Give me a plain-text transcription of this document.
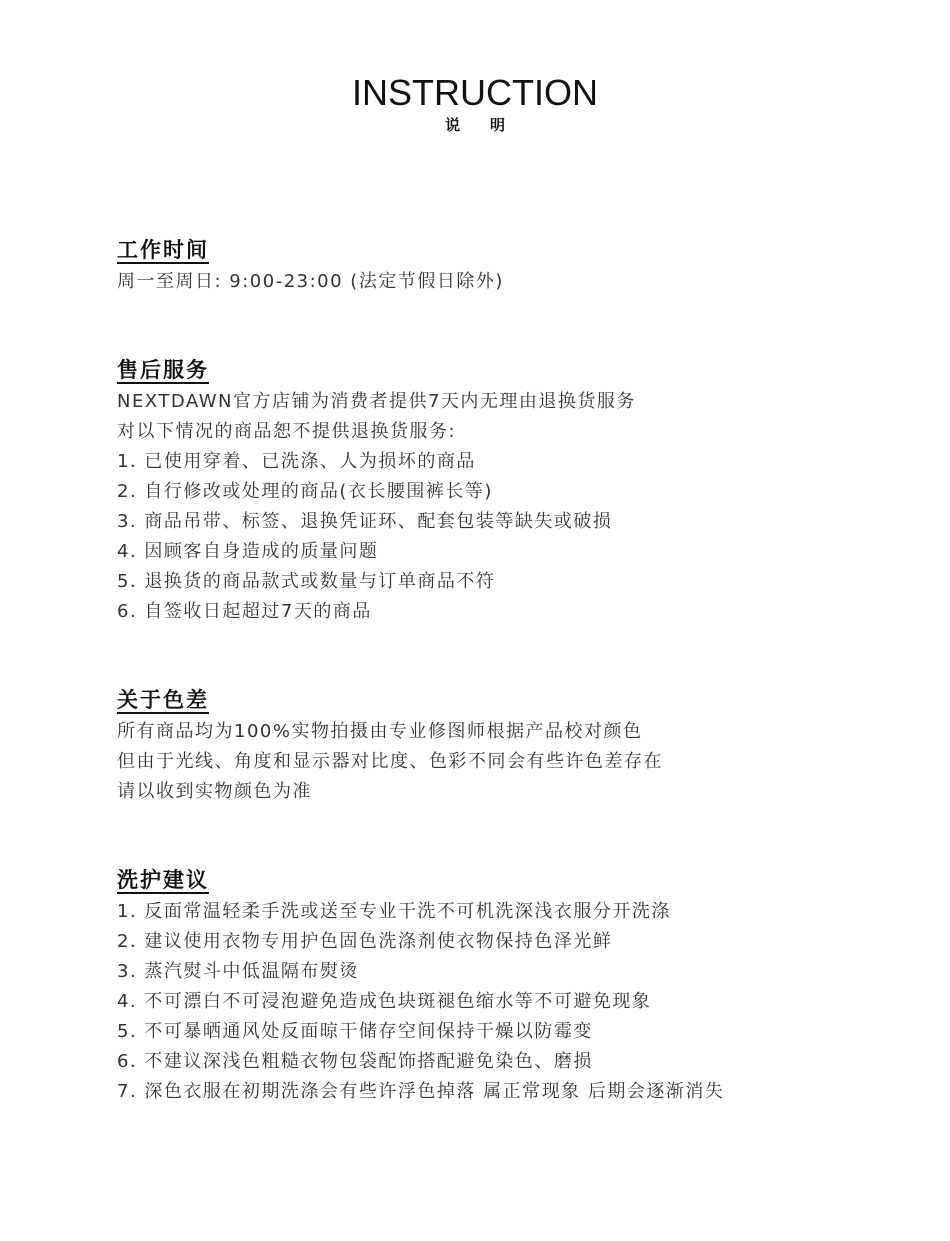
INSTRUCTION
说明
工作时间
周一至周日: 9:00-23:00 (法定节假日除外)
售后服务
NEXTDAWN官方店铺为消费者提供7天内无理由退换货服务
对以下情况的商品恕不提供退换货服务:
1. 已使用穿着、已洗涤、人为损坏的商品
2. 自行修改或处理的商品(衣长腰围裤长等)
3. 商品吊带、标签、退换凭证环、配套包装等缺失或破损
4. 因顾客自身造成的质量问题
5. 退换货的商品款式或数量与订单商品不符
6. 自签收日起超过7天的商品
关于色差
所有商品均为100%实物拍摄由专业修图师根据产品校对颜色
但由于光线、角度和显示器对比度、色彩不同会有些许色差存在
请以收到实物颜色为准
洗护建议
1. 反面常温轻柔手洗或送至专业干洗不可机洗深浅衣服分开洗涤
2. 建议使用衣物专用护色固色洗涤剂使衣物保持色泽光鲜
3. 蒸汽熨斗中低温隔布熨烫
4. 不可漂白不可浸泡避免造成色块斑褪色缩水等不可避免现象
5. 不可暴晒通风处反面晾干储存空间保持干燥以防霉变
6. 不建议深浅色粗糙衣物包袋配饰搭配避免染色、磨损
7. 深色衣服在初期洗涤会有些许浮色掉落 属正常现象 后期会逐渐消失
